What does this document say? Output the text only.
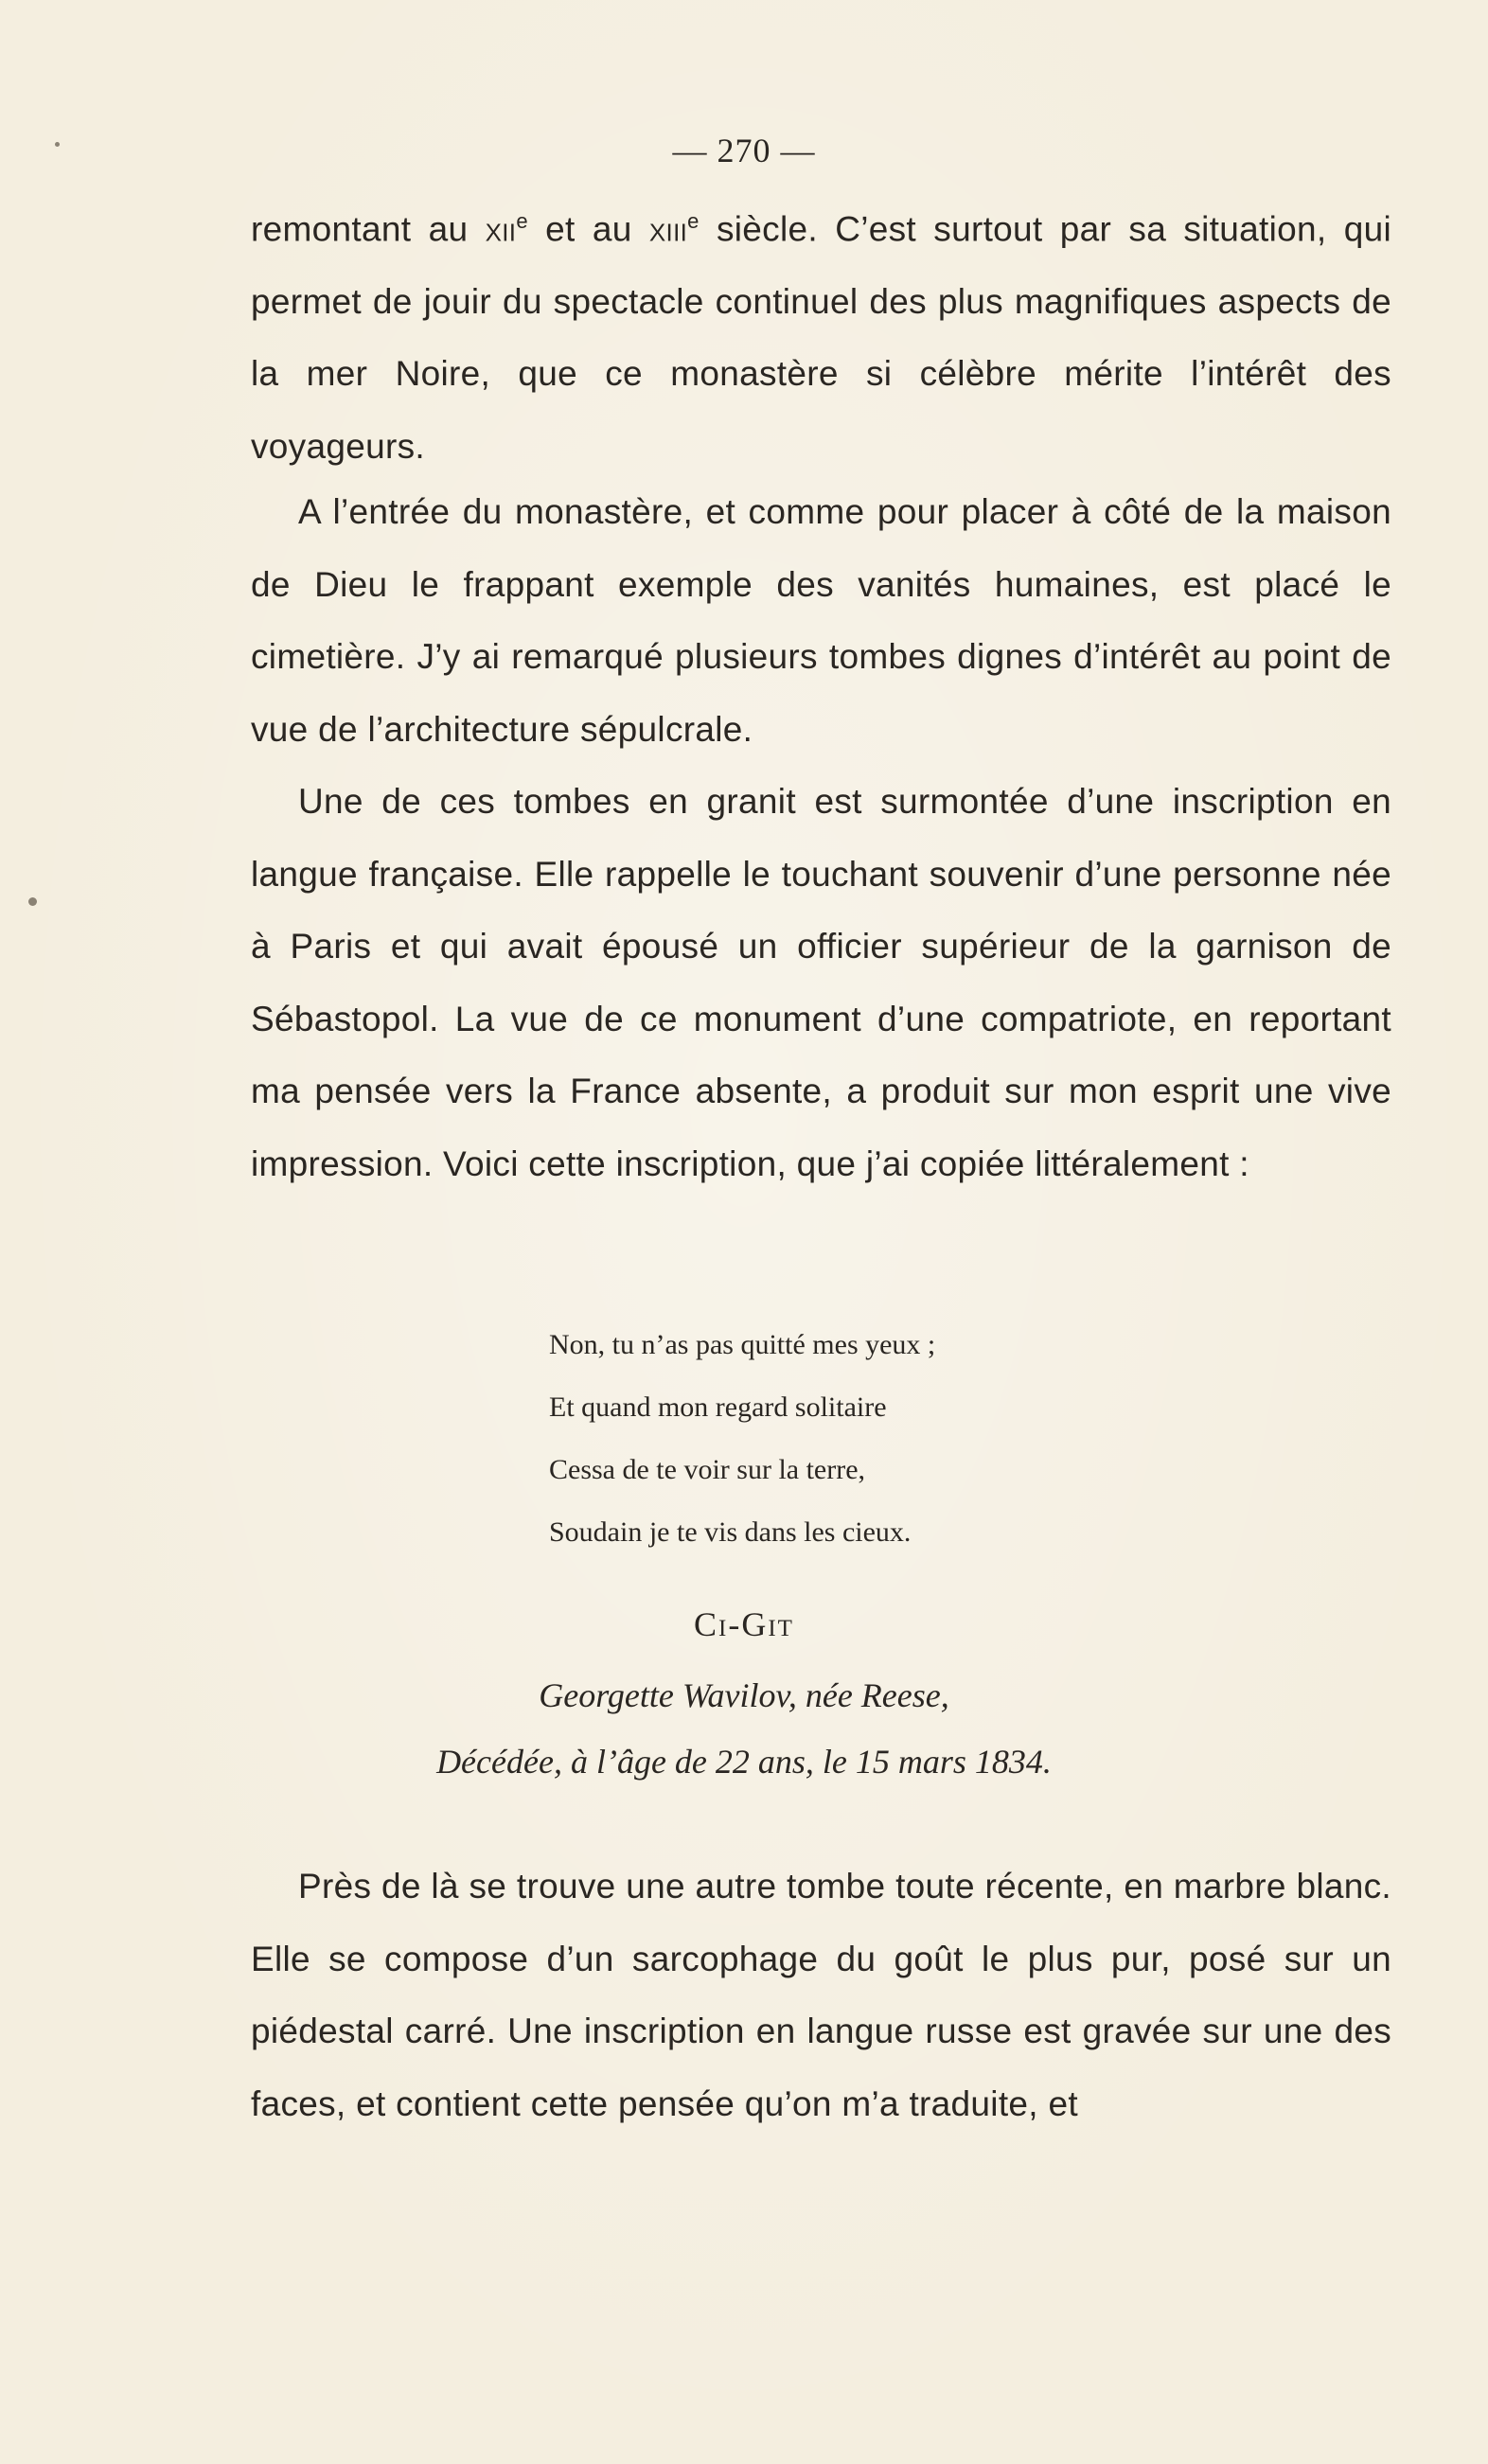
— 270 —

remontant au xii$^e$ et au xiii$^e$ siècle. C’est surtout par sa situation, qui permet de jouir du spectacle continuel des plus magnifiques aspects de la mer Noire, que ce monastère si célèbre mérite l’intérêt des voyageurs.

A l’entrée du monastère, et comme pour placer à côté de la maison de Dieu le frappant exemple des vanités humaines, est placé le cimetière. J’y ai remarqué plusieurs tombes dignes d’intérêt au point de vue de l’architecture sépulcrale.

Une de ces tombes en granit est surmontée d’une inscription en langue française. Elle rappelle le touchant souvenir d’une personne née à Paris et qui avait épousé un officier supérieur de la garnison de Sébastopol. La vue de ce monument d’une compatriote, en reportant ma pensée vers la France absente, a produit sur mon esprit une vive impression. Voici cette inscription, que j’ai copiée littéralement :

Non, tu n’as pas quitté mes yeux ;
Et quand mon regard solitaire
Cessa de te voir sur la terre,
Soudain je te vis dans les cieux.
Ci-Git
Georgette Wavilov, née Reese,
Décédée, à l’âge de 22 ans, le 15 mars 1834.

Près de là se trouve une autre tombe toute récente, en marbre blanc. Elle se compose d’un sarcophage du goût le plus pur, posé sur un piédestal carré. Une inscription en langue russe est gravée sur une des faces, et contient cette pensée qu’on m’a traduite, et
